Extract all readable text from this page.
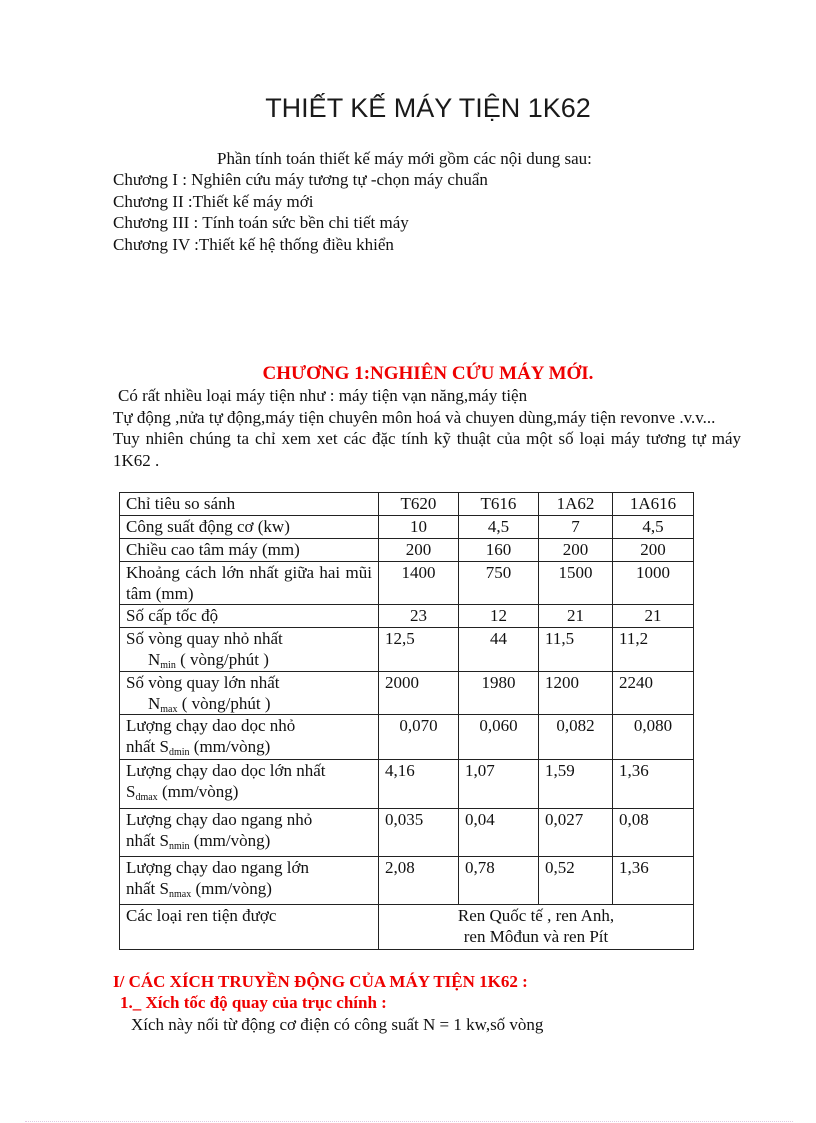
THIẾT KẾ MÁY TIỆN 1K62
Phần tính toán thiết kế máy mới gồm các nội dung sau:
Chương I : Nghiên cứu máy tương tự -chọn máy chuẩn
Chương II :Thiết kế máy mới
Chương III : Tính toán sức bền chi tiết máy
Chương IV :Thiết kế hệ thống điều khiển
CHƯƠNG 1:NGHIÊN CỨU MÁY MỚI.

Có rất nhiều loại máy tiện như : máy tiện vạn năng,máy tiện

Tự động ,nửa tự động,máy tiện chuyên môn hoá và chuyen dùng,máy tiện revonve .v.v...

Tuy nhiên chúng ta chỉ xem xet các đặc tính kỹ thuật của một số loại máy tương tự máy 1K62 .

Chỉ tiêu so sánh	T620	T616	1A62	1A616
Công suất động cơ (kw)	10	4,5	7	4,5
Chiều cao tâm máy (mm)	200	160	200	200
Khoảng cách lớn nhất giữa hai mũi tâm (mm)	1400	750	1500	1000
Số cấp tốc độ	23	12	21	21

Số vòng quay nhỏ nhất
$N_{min}$ ( vòng/phút )	12,5	44	11,5	11,2

Số vòng quay lớn nhất
$N_{max}$ ( vòng/phút )	2000	1980	1200	2240

Lượng chạy dao dọc nhỏ
nhất $S_{dmin}$ (mm/vòng)	0,070	0,060	0,082	0,080

Lượng chạy dao dọc lớn nhất
$S_{dmax}$ (mm/vòng)	4,16	1,07	1,59	1,36

Lượng chạy dao ngang nhỏ
nhất $S_{nmin}$ (mm/vòng)	0,035	0,04	0,027	0,08

Lượng chạy dao ngang lớn
nhất $S_{nmax}$ (mm/vòng)	2,08	0,78	0,52	1,36
Các loại ren tiện được	Ren Quốc tế , ren Anh,
ren Môđun và ren Pít			
I/ CÁC XÍCH TRUYỀN ĐỘNG CỦA MÁY TIỆN 1K62 :
1._ Xích tốc độ quay của trục chính :

Xích này nối từ động cơ điện có công suất N = 1 kw,số vòng
